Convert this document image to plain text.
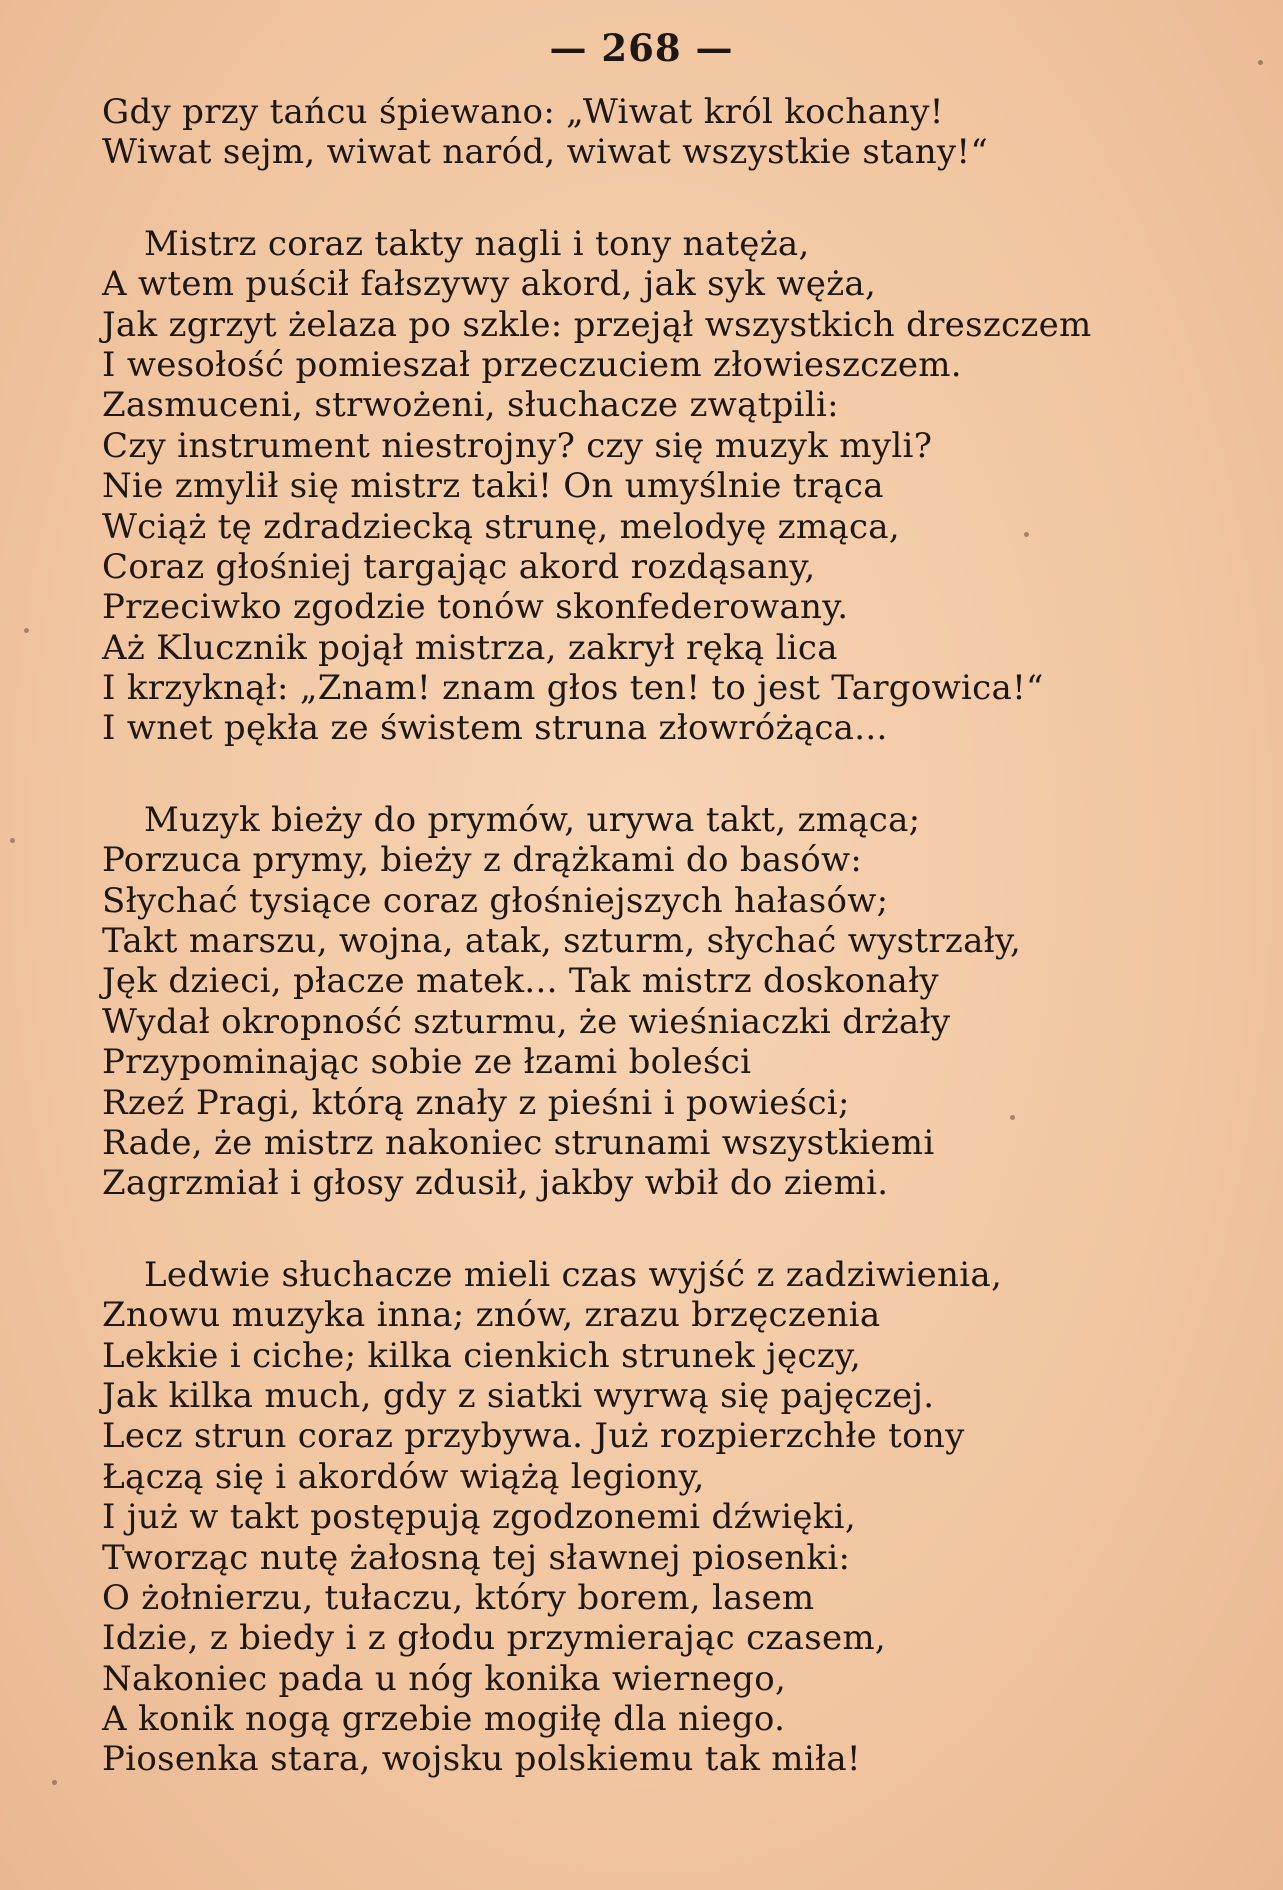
— 268 —
Gdy przy tańcu śpiewano: „Wiwat król kochany!
Wiwat sejm, wiwat naród, wiwat wszystkie stany!“
Mistrz coraz takty nagli i tony natęża,
A wtem puścił fałszywy akord, jak syk węża,
Jak zgrzyt żelaza po szkle: przejął wszystkich dreszczem
I wesołość pomieszał przeczuciem złowieszczem.
Zasmuceni, strwożeni, słuchacze zwątpili:
Czy instrument niestrojny? czy się muzyk myli?
Nie zmylił się mistrz taki! On umyślnie trąca
Wciąż tę zdradziecką strunę, melodyę zmąca,
Coraz głośniej targając akord rozdąsany,
Przeciwko zgodzie tonów skonfederowany.
Aż Klucznik pojął mistrza, zakrył ręką lica
I krzyknął: „Znam! znam głos ten! to jest Targowica!“
I wnet pękła ze świstem struna złowróżąca...
Muzyk bieży do prymów, urywa takt, zmąca;
Porzuca prymy, bieży z drążkami do basów:
Słychać tysiące coraz głośniejszych hałasów;
Takt marszu, wojna, atak, szturm, słychać wystrzały,
Jęk dzieci, płacze matek... Tak mistrz doskonały
Wydał okropność szturmu, że wieśniaczki drżały
Przypominając sobie ze łzami boleści
Rzeź Pragi, którą znały z pieśni i powieści;
Rade, że mistrz nakoniec strunami wszystkiemi
Zagrzmiał i głosy zdusił, jakby wbił do ziemi.
Ledwie słuchacze mieli czas wyjść z zadziwienia,
Znowu muzyka inna; znów, zrazu brzęczenia
Lekkie i ciche; kilka cienkich strunek jęczy,
Jak kilka much, gdy z siatki wyrwą się pajęczej.
Lecz strun coraz przybywa. Już rozpierzchłe tony
Łączą się i akordów wiążą legiony,
I już w takt postępują zgodzonemi dźwięki,
Tworząc nutę żałosną tej sławnej piosenki:
O żołnierzu, tułaczu, który borem, lasem
Idzie, z biedy i z głodu przymierając czasem,
Nakoniec pada u nóg konika wiernego,
A konik nogą grzebie mogiłę dla niego.
Piosenka stara, wojsku polskiemu tak miła!
